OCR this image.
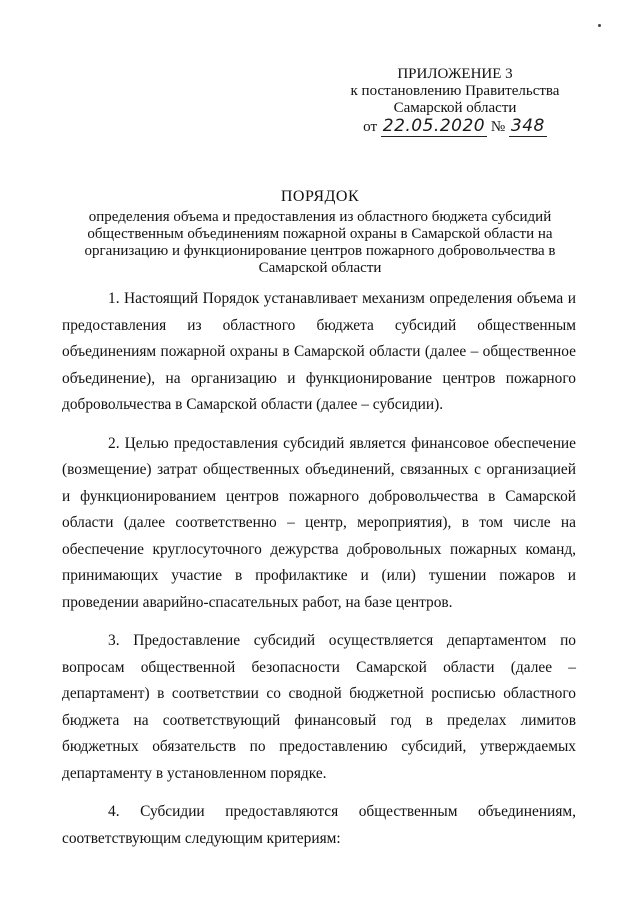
ПРИЛОЖЕНИЕ 3
к постановлению Правительства
Самарской области
от 22.05.2020 № 348
ПОРЯДОК
определения объема и предоставления из областного бюджета субсидий общественным объединениям пожарной охраны в Самарской области на организацию и функционирование центров пожарного добровольчества в Самарской области

1. Настоящий Порядок устанавливает механизм определения объема и предоставления из областного бюджета субсидий общественным объединениям пожарной охраны в Самарской области (далее – общественное объединение), на организацию и функционирование центров пожарного добровольчества в Самарской области (далее – субсидии).

2. Целью предоставления субсидий является финансовое обеспечение (возмещение) затрат общественных объединений, связанных с организацией и функционированием центров пожарного добровольчества в Самарской области (далее соответственно – центр, мероприятия), в том числе на обеспечение круглосуточного дежурства добровольных пожарных команд, принимающих участие в профилактике и (или) тушении пожаров и проведении аварийно-спасательных работ, на базе центров.

3. Предоставление субсидий осуществляется департаментом по вопросам общественной безопасности Самарской области (далее – департамент) в соответствии со сводной бюджетной росписью областного бюджета на соответствующий финансовый год в пределах лимитов бюджетных обязательств по предоставлению субсидий, утверждаемых департаменту в установленном порядке.

4. Субсидии предоставляются общественным объединениям, соответствующим следующим критериям:
